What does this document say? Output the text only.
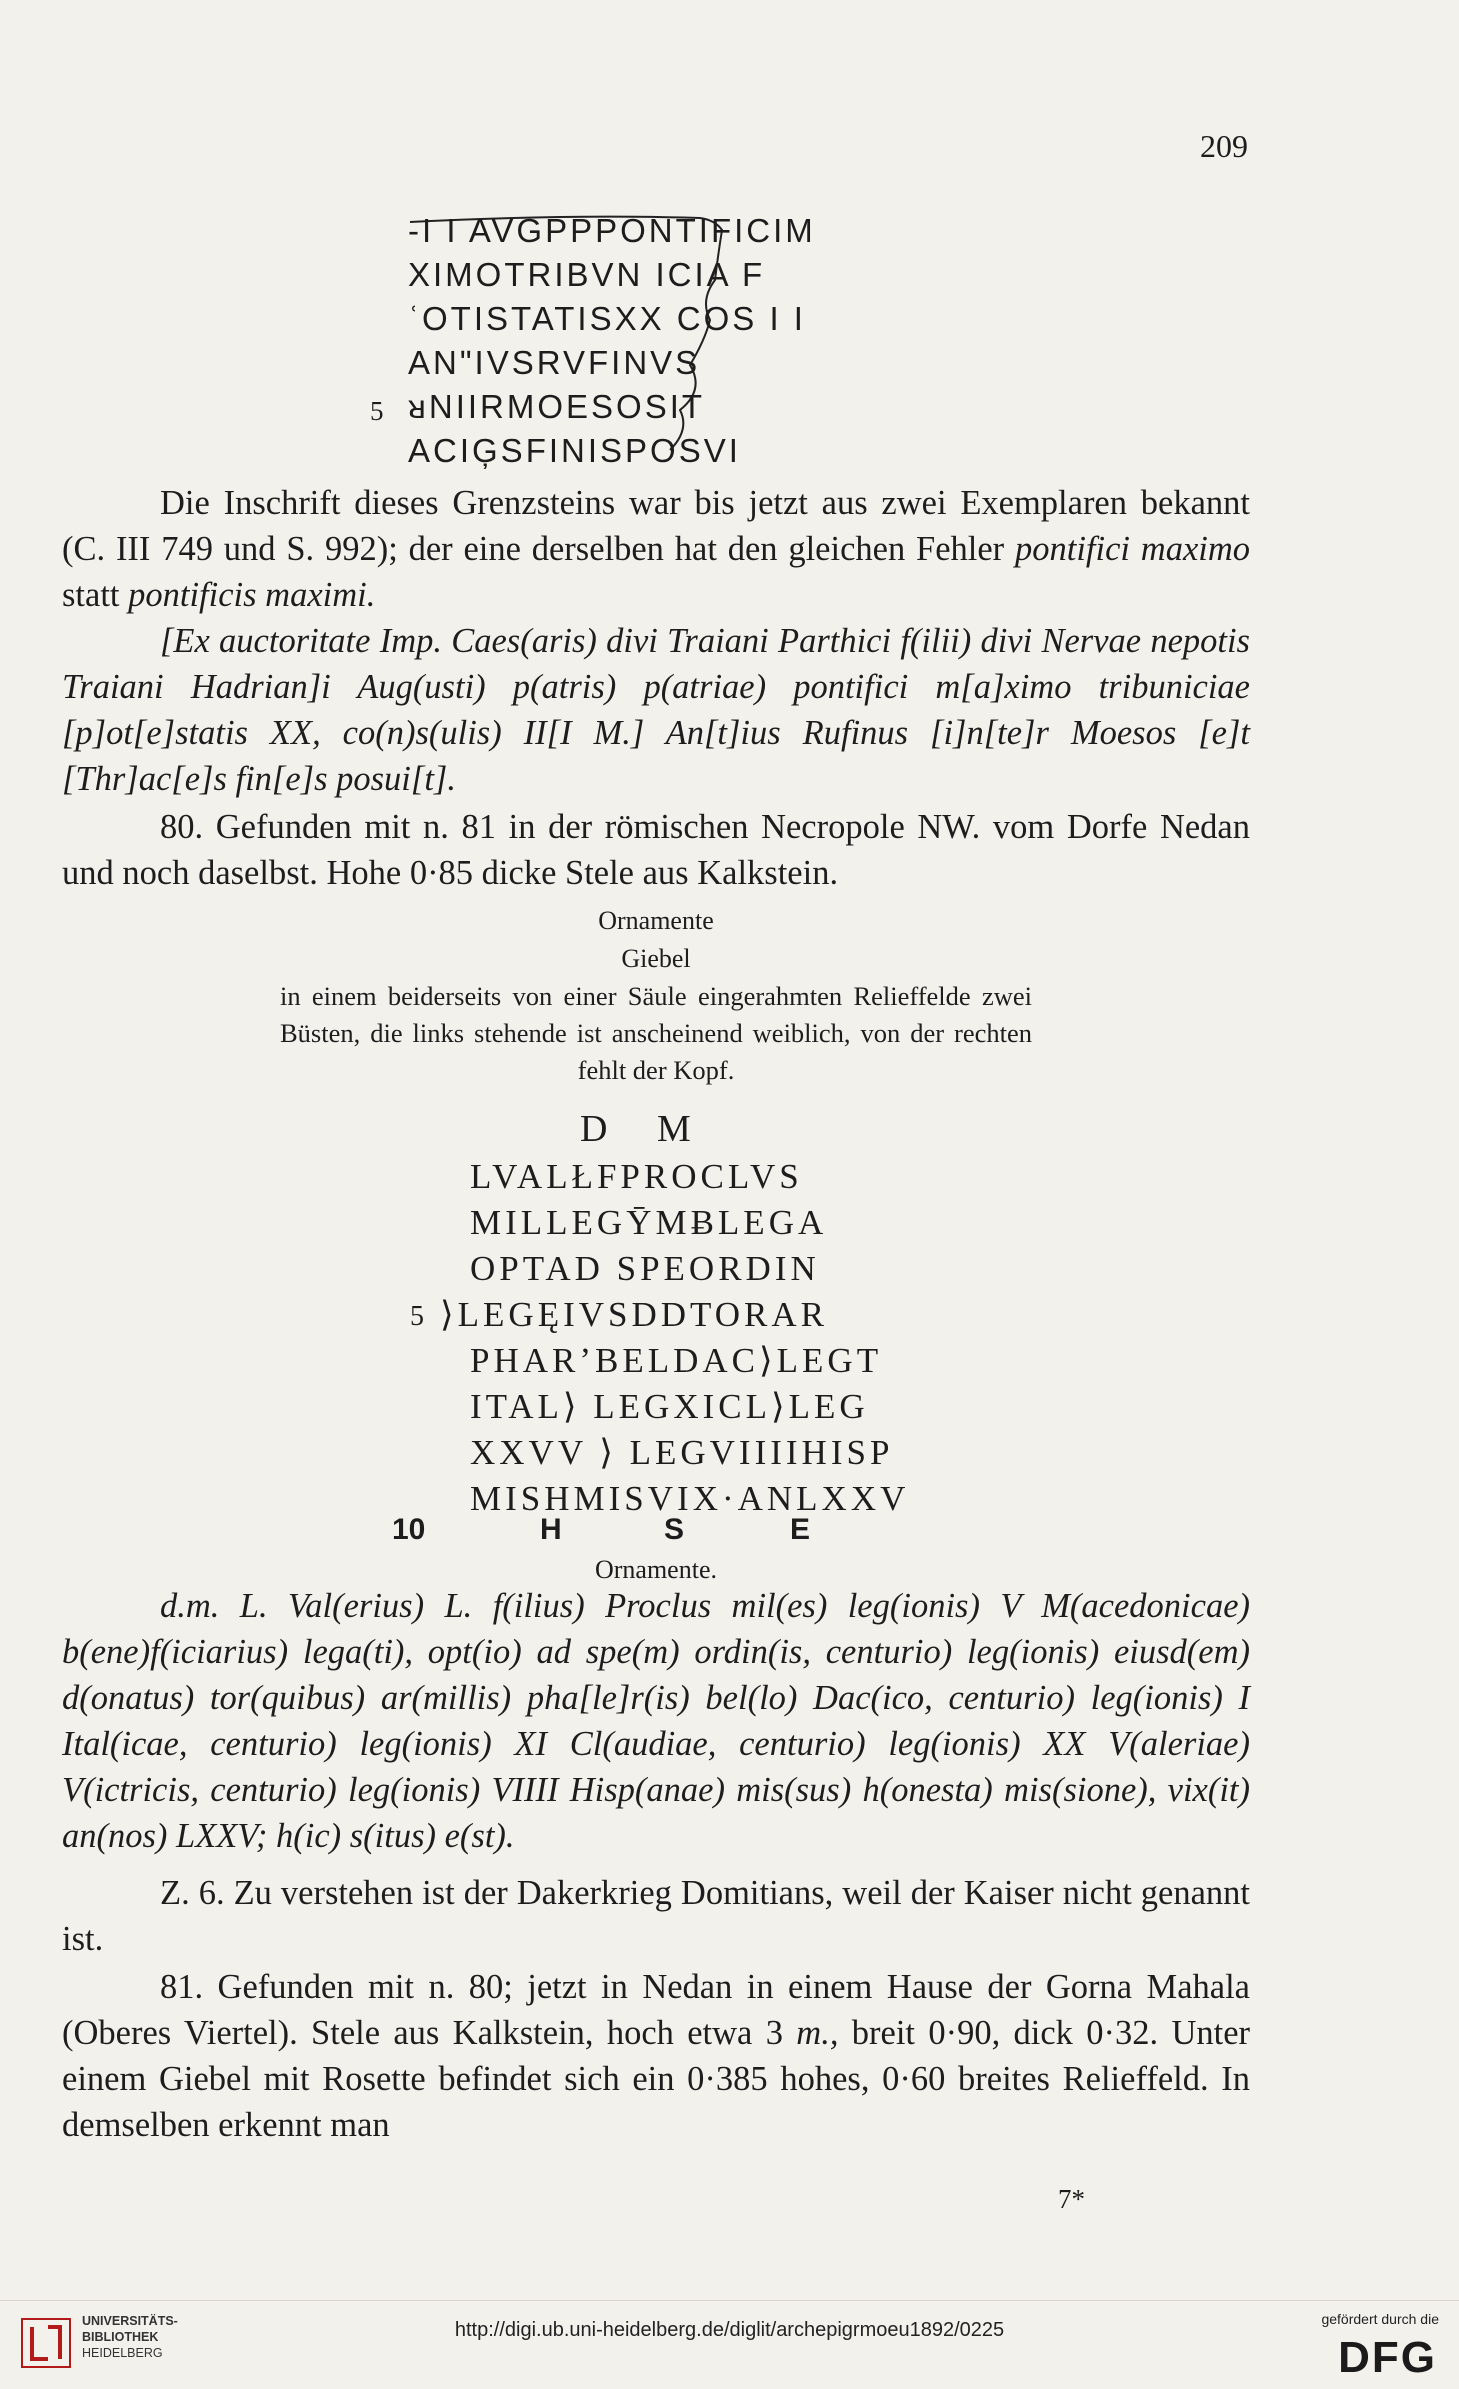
209
-I I AVGPPPONTIFICIM
XIMOTRIBVN ICIA F
ʿOTISTATISXX COS I I
ANʺIVSRVFINVS
5 ᴚNIIRMOESOSIT
ACIĢSFINISPOSVI
Die Inschrift dieses Grenzsteins war bis jetzt aus zwei Exemplaren bekannt (C. III 749 und S. 992); der eine derselben hat den gleichen Fehler pontifici maximo statt pontificis maximi.
[Ex auctoritate Imp. Caes(aris) divi Traiani Parthici f(ilii) divi Nervae nepotis Traiani Hadrian]i Aug(usti) p(atris) p(atriae) pontifici m[a]ximo tribuniciae [p]ot[e]statis XX, co(n)s(ulis) II[I M.] An[t]ius Rufinus [i]n[te]r Moesos [e]t [Thr]ac[e]s fin[e]s posui[t].
80. Gefunden mit n. 81 in der römischen Necropole NW. vom Dorfe Nedan und noch daselbst. Hohe 0·85 dicke Stele aus Kalkstein.
Ornamente
Giebel
in einem beiderseits von einer Säule eingerahmten Relieffelde zwei Büsten, die links stehende ist anscheinend weiblich, von der rechten fehlt der Kopf.
D M
LVALŁFPROCLVS
MILLEGȲMɃLEGA
OPTAD SPEORDIN
5 ⟩LEGĘIVSDDTORAR
PHARʼBELDAC⟩LEGT
ITAL⟩ LEGXICL⟩LEG
XXVV ⟩ LEGVIIIIHISP
MISHMISVIX·ANLXXV
10	H	S	E
Ornamente.
d.m. L. Val(erius) L. f(ilius) Proclus mil(es) leg(ionis) V M(acedonicae) b(ene)f(iciarius) lega(ti), opt(io) ad spe(m) ordin(is, centurio) leg(ionis) eiusd(em) d(onatus) tor(quibus) ar(millis) pha[le]r(is) bel(lo) Dac(ico, centurio) leg(ionis) I Ital(icae, centurio) leg(ionis) XI Cl(audiae, centurio) leg(ionis) XX V(aleriae) V(ictricis, centurio) leg(ionis) VIIII Hisp(anae) mis(sus) h(onesta) mis(sione), vix(it) an(nos) LXXV; h(ic) s(itus) e(st).
Z. 6. Zu verstehen ist der Dakerkrieg Domitians, weil der Kaiser nicht genannt ist.
81. Gefunden mit n. 80; jetzt in Nedan in einem Hause der Gorna Mahala (Oberes Viertel). Stele aus Kalkstein, hoch etwa 3 m., breit 0·90, dick 0·32. Unter einem Giebel mit Rosette befindet sich ein 0·385 hohes, 0·60 breites Relieffeld. In demselben erkennt man
7*
UNIVERSITÄTS-
BIBLIOTHEK
HEIDELBERG
http://digi.ub.uni-heidelberg.de/diglit/archepigrmoeu1892/0225	gefördert durch die
DFG
